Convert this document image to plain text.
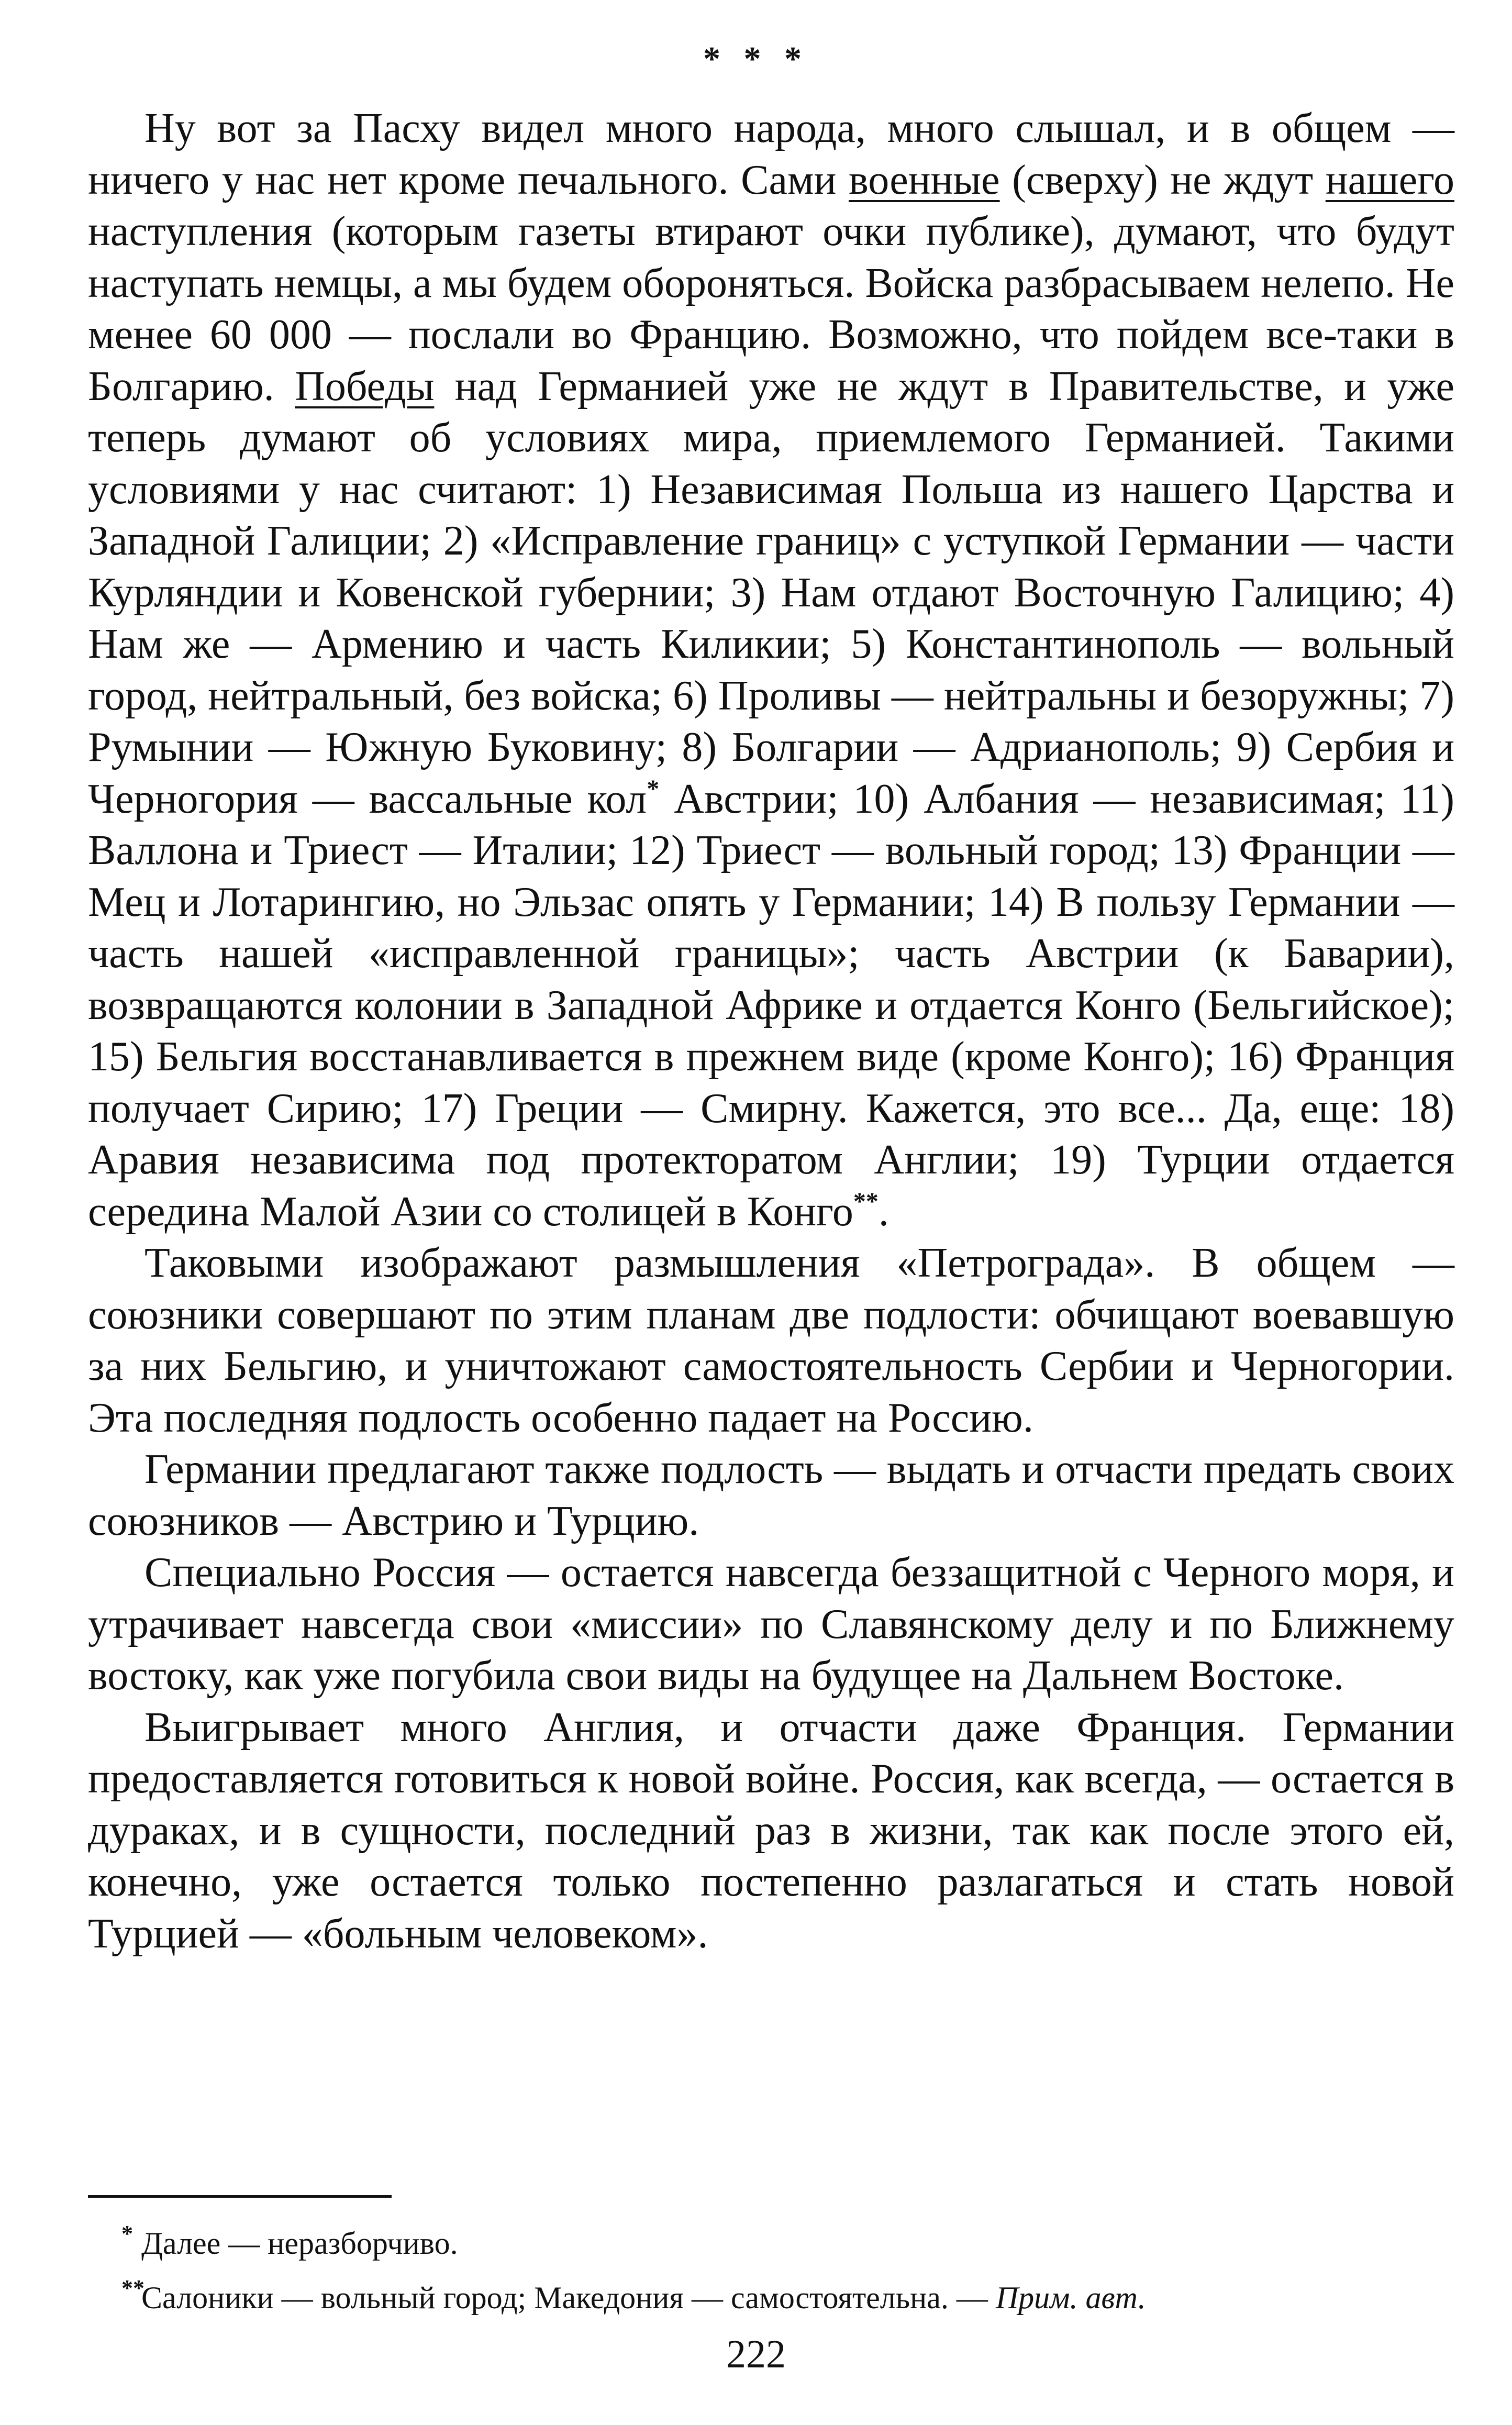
* * *

Ну вот за Пасху видел много народа, много слышал, и в общем — ничего у нас нет кроме печального. Сами военные (сверху) не ждут нашего наступления (которым газеты втирают очки публике), думают, что будут наступать немцы, а мы будем обороняться. Войска разбрасываем нелепо. Не менее 60 000 — послали во Францию. Возможно, что пойдем все-таки в Болгарию. Победы над Германией уже не ждут в Правительстве, и уже теперь думают об условиях мира, приемлемого Германией. Такими условиями у нас считают: 1) Независимая Польша из нашего Царства и Западной Галиции; 2) «Исправление границ» с уступкой Германии — части Курляндии и Ковенской губернии; 3) Нам отдают Восточную Галицию; 4) Нам же — Армению и часть Киликии; 5) Константинополь — вольный город, нейтральный, без войска; 6) Проливы — нейтральны и безоружны; 7) Румынии — Южную Буковину; 8) Болгарии — Адрианополь; 9) Сербия и Черногория — вассальные кол* Австрии; 10) Албания — независимая; 11) Валлона и Триест — Италии; 12) Триест — вольный город; 13) Франции — Мец и Лотарингию, но Эльзас опять у Германии; 14) В пользу Германии — часть нашей «исправленной границы»; часть Австрии (к Баварии), возвращаются колонии в Западной Африке и отдается Конго (Бельгийское); 15) Бельгия восстанавливается в прежнем виде (кроме Конго); 16) Франция получает Сирию; 17) Греции — Смирну. Кажется, это все... Да, еще: 18) Аравия независима под протекторатом Англии; 19) Турции отдается середина Малой Азии со столицей в Конго**.

Таковыми изображают размышления «Петрограда». В общем — союзники совершают по этим планам две подлости: обчищают воевавшую за них Бельгию, и уничтожают самостоятельность Сербии и Черногории. Эта последняя подлость особенно падает на Россию.

Германии предлагают также подлость — выдать и отчасти предать своих союзников — Австрию и Турцию.

Специально Россия — остается навсегда беззащитной с Черного моря, и утрачивает навсегда свои «миссии» по Славянскому делу и по Ближнему востоку, как уже погубила свои виды на будущее на Дальнем Востоке.

Выигрывает много Англия, и отчасти даже Франция. Германии предоставляется готовиться к новой войне. Россия, как всегда, — остается в дураках, и в сущности, последний раз в жизни, так как после этого ей, конечно, уже остается только постепенно разлагаться и стать новой Турцией — «больным человеком».

* Далее — неразборчиво.
**
Салоники — вольный город; Македония — самостоятельна. — Прим. авт.
222
